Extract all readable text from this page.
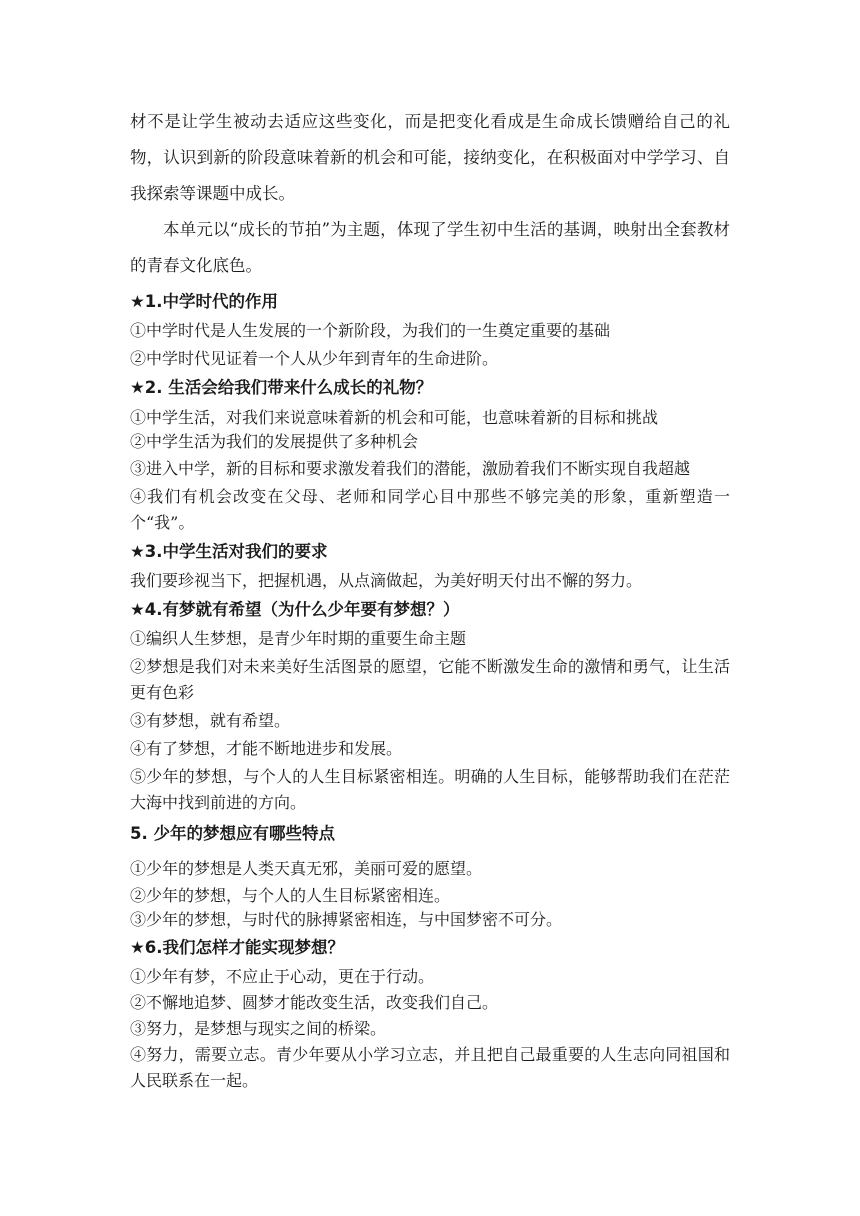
材不是让学生被动去适应这些变化，而是把变化看成是生命成长馈赠给自己的礼物，认识到新的阶段意味着新的机会和可能，接纳变化，在积极面对中学学习、自我探索等课题中成长。

本单元以“成长的节拍”为主题，体现了学生初中生活的基调，映射出全套教材的青春文化底色。

★1.中学时代的作用

①中学时代是人生发展的一个新阶段，为我们的一生奠定重要的基础

②中学时代见证着一个人从少年到青年的生命进阶。

★2. 生活会给我们带来什么成长的礼物？

①中学生活，对我们来说意味着新的机会和可能，也意味着新的目标和挑战

②中学生活为我们的发展提供了多种机会

③进入中学，新的目标和要求激发着我们的潜能，激励着我们不断实现自我超越

④我们有机会改变在父母、老师和同学心目中那些不够完美的形象，重新塑造一个“我”。

★3.中学生活对我们的要求

我们要珍视当下，把握机遇，从点滴做起，为美好明天付出不懈的努力。

★4.有梦就有希望（为什么少年要有梦想？）

①编织人生梦想，是青少年时期的重要生命主题

②梦想是我们对未来美好生活图景的愿望，它能不断激发生命的激情和勇气，让生活更有色彩

③有梦想，就有希望。

④有了梦想，才能不断地进步和发展。

⑤少年的梦想，与个人的人生目标紧密相连。明确的人生目标，能够帮助我们在茫茫大海中找到前进的方向。

5. 少年的梦想应有哪些特点

①少年的梦想是人类天真无邪，美丽可爱的愿望。

②少年的梦想，与个人的人生目标紧密相连。

③少年的梦想，与时代的脉搏紧密相连，与中国梦密不可分。

★6.我们怎样才能实现梦想？

①少年有梦，不应止于心动，更在于行动。

②不懈地追梦、圆梦才能改变生活，改变我们自己。

③努力，是梦想与现实之间的桥梁。

④努力，需要立志。青少年要从小学习立志，并且把自己最重要的人生志向同祖国和人民联系在一起。
